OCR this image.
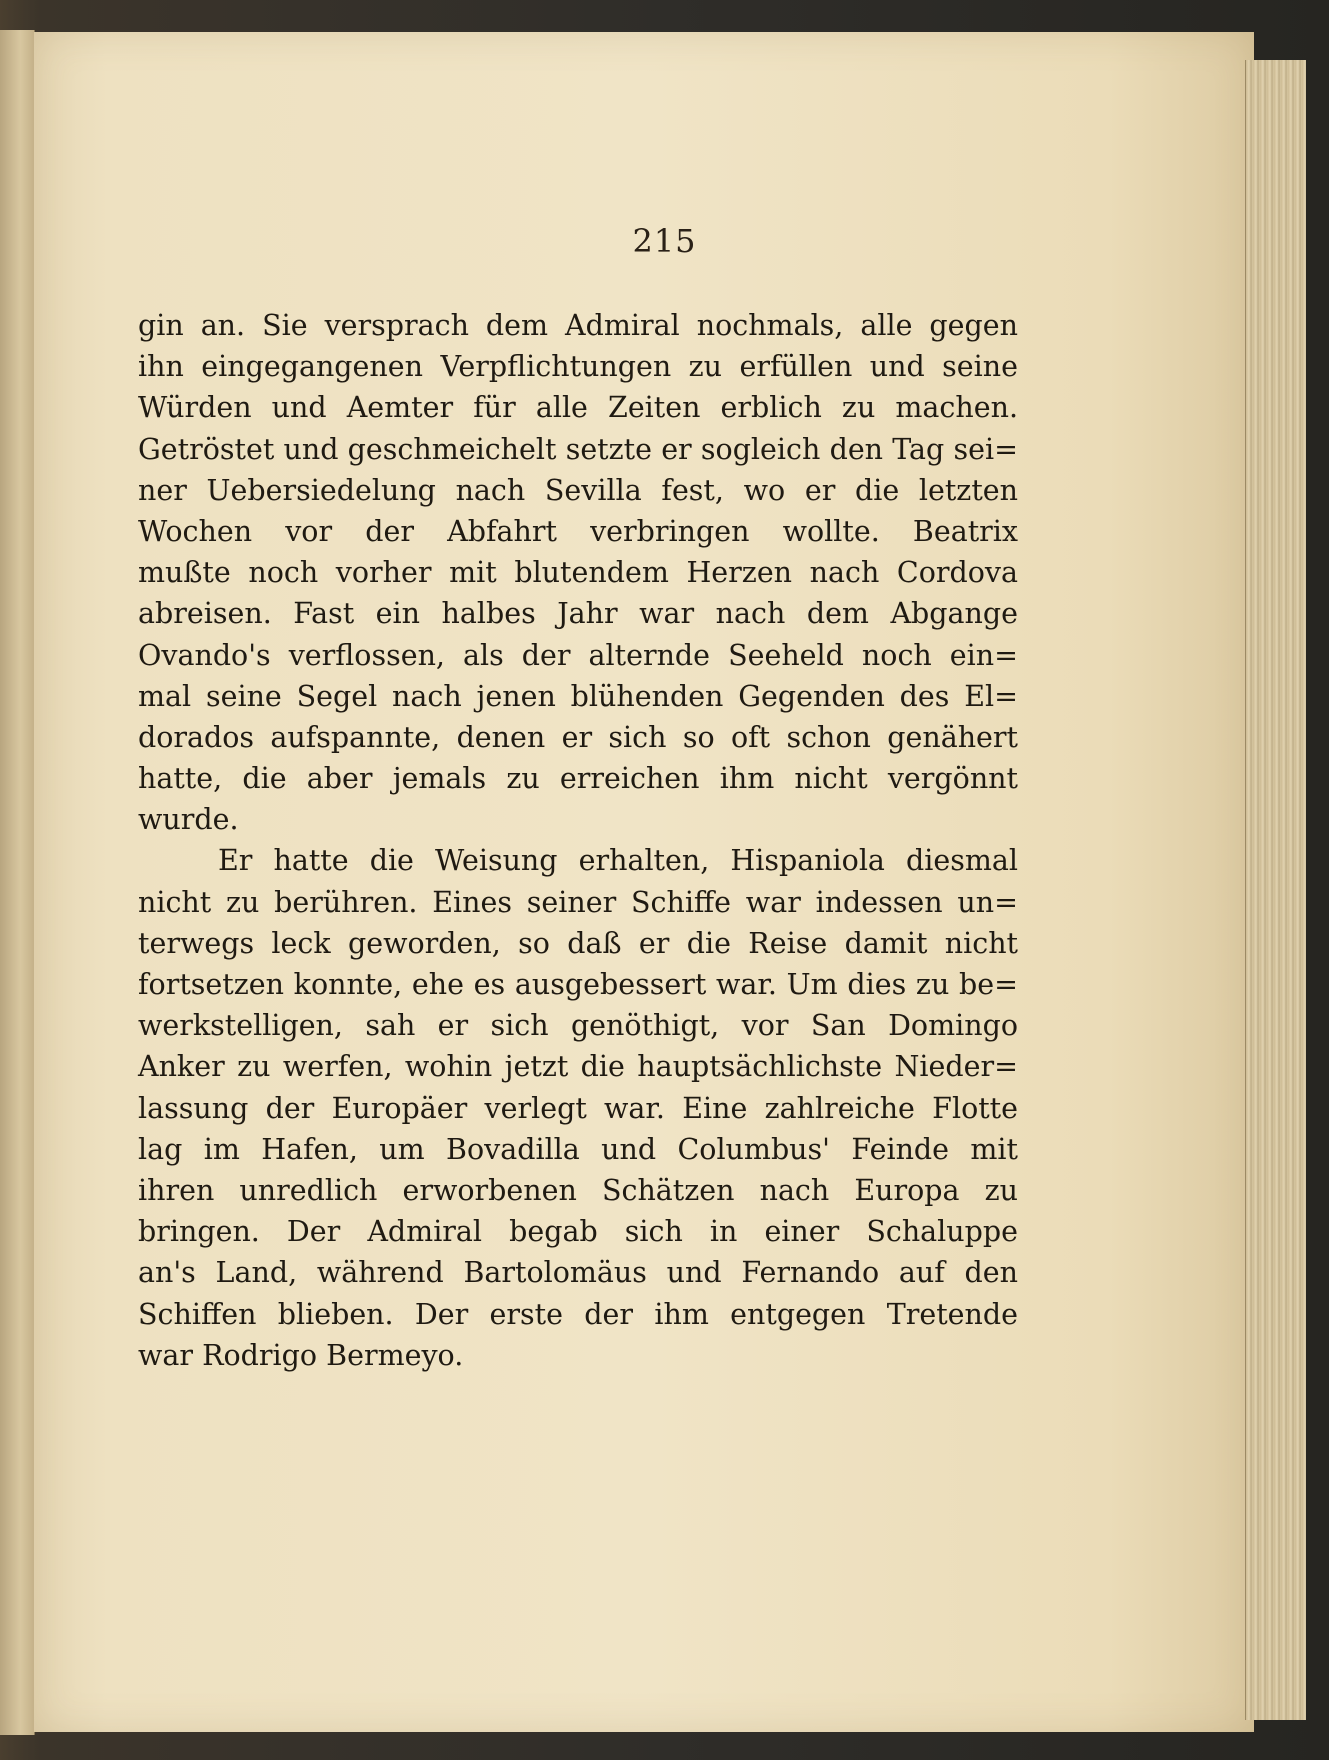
215
gin an. Sie versprach dem Admiral nochmals, alle gegen
ihn eingegangenen Verpflichtungen zu erfüllen und seine
Würden und Aemter für alle Zeiten erblich zu machen.
Getröstet und geschmeichelt setzte er sogleich den Tag sei=
ner Uebersiedelung nach Sevilla fest, wo er die letzten
Wochen vor der Abfahrt verbringen wollte. Beatrix
mußte noch vorher mit blutendem Herzen nach Cordova
abreisen. Fast ein halbes Jahr war nach dem Abgange
Ovando's verflossen, als der alternde Seeheld noch ein=
mal seine Segel nach jenen blühenden Gegenden des El=
dorados aufspannte, denen er sich so oft schon genähert
hatte, die aber jemals zu erreichen ihm nicht vergönnt
wurde.
Er hatte die Weisung erhalten, Hispaniola diesmal
nicht zu berühren. Eines seiner Schiffe war indessen un=
terwegs leck geworden, so daß er die Reise damit nicht
fortsetzen konnte, ehe es ausgebessert war. Um dies zu be=
werkstelligen, sah er sich genöthigt, vor San Domingo
Anker zu werfen, wohin jetzt die hauptsächlichste Nieder=
lassung der Europäer verlegt war. Eine zahlreiche Flotte
lag im Hafen, um Bovadilla und Columbus' Feinde mit
ihren unredlich erworbenen Schätzen nach Europa zu
bringen. Der Admiral begab sich in einer Schaluppe
an's Land, während Bartolomäus und Fernando auf den
Schiffen blieben. Der erste der ihm entgegen Tretende
war Rodrigo Bermeyo.
